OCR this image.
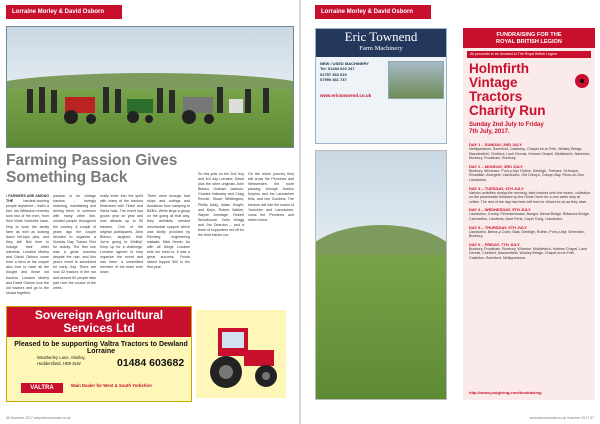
Lorraine Morley & David Osborn
Farming Passion Gives
Something Back
• FARMERS ARE AMONG THE	hardest-working people anywhere – that's a fact. Ian Wilkinson recently took two of the men, from their West Yorkshire base, help to work the family farm as well as looking down hill-tops plus, and they still find time to indulge their other interests. Lorraine Morley and David Osborn come from a farm at the couple also love to have all the bought and those old tractors. Lorraine Morley and David Osborn love the old tractors and go to the shows together.
passion is for vintage tractors – lovingly restoring, maintaining and driving them, in common with many other like-minded people throughout the country. A couple of years ago the couple decided to organise a Sunday Day Tractor Run for charity. The first one was a great success despite the rain, and this year's event is scheduled for early July. There are now 32 tractors in the run and around 60 people take part over the course of the week.
really enter into the spirit with many of the tractors bedecked with Tinsel and Santa hats. The event has grown year on year and now attracts up to 50 tractors. One of the original participants, John Bidoux, laughed that: 'we're going to Whitby!' Keep up for a challenge, Lorraine agreed to help organise the event and has been a committed member of the team ever since.
There were enough that stops and outings and donations from camping to B&B's. While large a group on the going all that way, they definitely needed mechanical support which was kindly provided by Renning engineering stalwart, Mick Hewer. As with all things Lorraine sets her mind to, it was a great success. Funds raised topped 500 in the first year.
So this year on the 2nd July and 3rd July Lorraine, David plus the other originals John Bidoux, Graham Jackson, Charles Hallowby and Craig Rennie, Stuart Whittington, Phillip Addy, Adam Knight, and Keys, Robert Walker, Wayne Armitage, Robert Woodhouse, Colin Wragg and Jim Deardon – and a team of supporters set off for the third tractor run.
On the return journey they will cross the Pennines and Wessenden, the route passing through Ashton Keynes and the Lancashire fells, and into Cumbria. The tractors will ride the tracks of Yorkshire and Lancashire, cross the Pennines and return home.
Sovereign Agricultural
Services Ltd
Pleased to be supporting Valtra Tractors to Dewland Lorraine
Weatherley Lane, Shelley, Huddersfield, HD8 8LW	01484 603682
VALTRA	Main Dealer for West & South Yorkshire
66 Summer 2017 www.farmersmart.co.uk
Lorraine Morley & David Osborn
Eric Townend
Farm Machinery
NEW / USED MACHINERY
Tel: 01484 622 247
01757 363 615
07990 461 737
www.erictownend.co.uk
FUNDRAISING FOR THE
ROYAL BRITISH LEGION
All proceeds to be donated to The Royal British Legion
Holmfirth
Vintage
Tractors
Charity Run
Sunday 2nd July to Friday
7th July, 2017.
DAY 1 – SUNDAY, 2ND JULY
Melliquestone, Barmford, Castletop, Chapel-en-le-Frith, Whaley Bridge, Macclesfield, Chelford, Lach Dennis, Holmes Chapel, Middlewich, Nantwich, Bunbury, Frodsham, Bunbury.
DAY 2 – MONDAY, 3RD JULY
Bunbury, Wrexham, Pont-y-blyl, Ruthin, Denbigh, Trefnant, St Asaph, Rhuddlan, Abergele, Llandudno, Old Colwyn, Colwyn Bay, Rhos-on-Sea, Llandudno.
DAY 3 – TUESDAY, 4TH JULY
Various activities during the morning, take tractors onto the beach, collection on the promenade followed up the Great Orme for a one-week stop at coffee. The rest of the day has been left free for drivers to do as they wish.
DAY 4 – WEDNESDAY, 5TH JULY
Llandudno, Conwy, Penmaenmawr, Bangor, Menai Bridge, Britannia Bridge, Caernarfon, Llanberis, Nant Peris, Capel Curig, Llandudno.
DAY 5 – THURSDAY, 6TH JULY
Llandudno, Betws-y-Coed, Bala, Denbigh, Ruthin, Pont-y-blyl, Wrexham, Bunbury.
DAY 6 – FRIDAY, 7TH JULY
Bunbury, Frodsham, Bunbury, Wharton, Middlewich, Holmes Chapel, Lach Dennis, Chelford, Macclesfield, Whaley Bridge, Chapel-en-le-Frith, Castleton, Barmford, Melliquestone.
http://www.justgiving.com/fundraising
www.farmersmart.co.uk Summer 2017 67
